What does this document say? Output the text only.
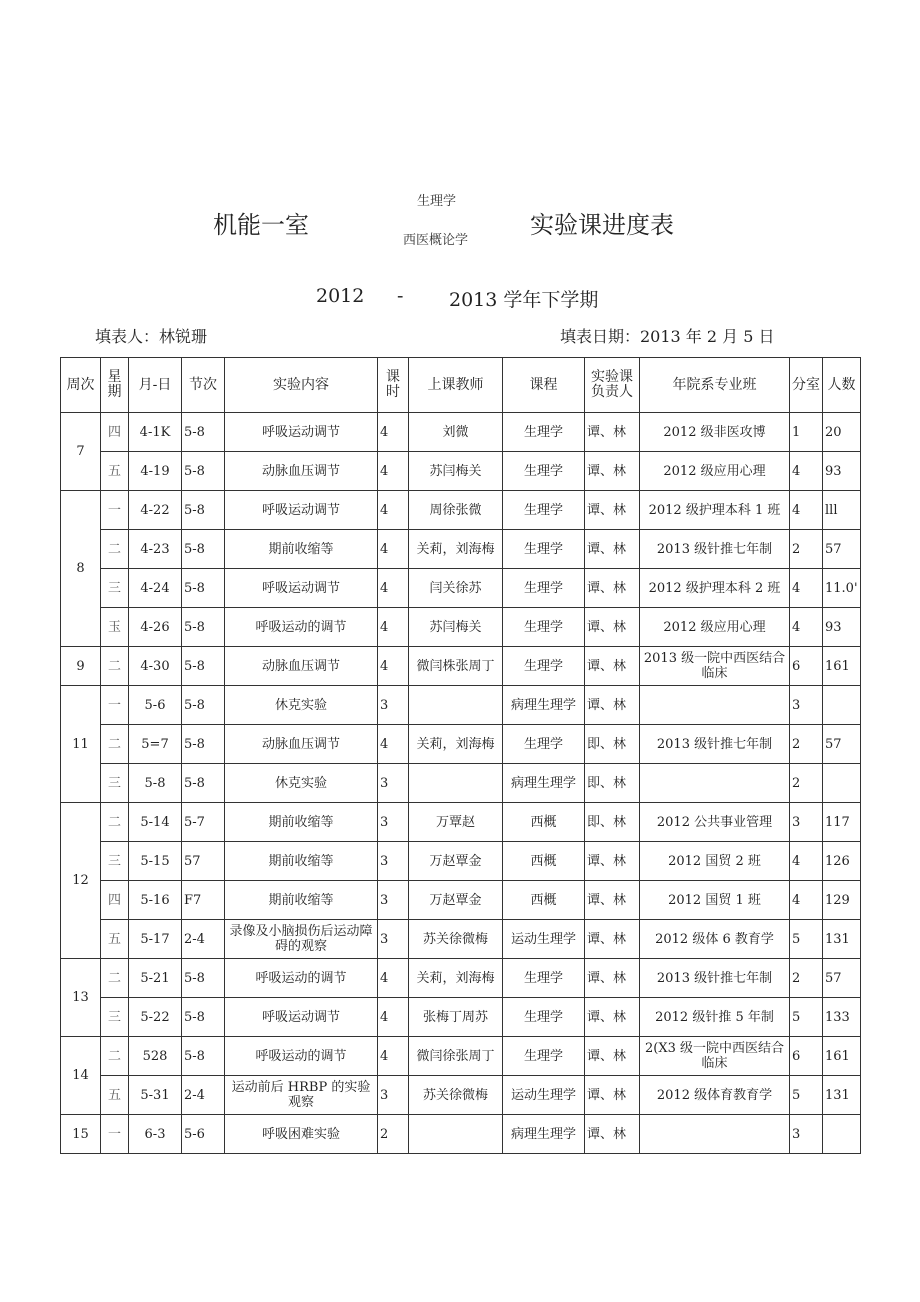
机能一室
生理学
西医概论学
实验课进度表
2012 - 2013 学年下学期
填表人：林锐珊	填表日期：2013 年 2 月 5 日
周次	星期	月-日	节次	实验内容	课时	上课教师	课程	实验课负责人	年院系专业班	分室	人数
7	四	4-1K	5-8	呼吸运动调节	4	刘微	生理学	谭、林	2012 级非医攻博	1	20
	五	4-19	5-8	动脉血压调节	4	苏闫梅关	生理学	谭、林	2012 级应用心理	4	93
8	一	4-22	5-8	呼吸运动调节	4	周徐张微	生理学	谭、林	2012 级护理本科 1 班	4	lll
	二	4-23	5-8	期前收缩等	4	关莉，刘海梅	生理学	谭、林	2013 级针推七年制	2	57
	三	4-24	5-8	呼吸运动调节	4	闫关徐苏	生理学	谭、林	2012 级护理本科 2 班	4	11.0'
	玉	4-26	5-8	呼吸运动的调节	4	苏闫梅关	生理学	谭、林	2012 级应用心理	4	93
9	二	4-30	5-8	动脉血压调节	4	微闫株张周丁	生理学	谭、林	2013 级一院中西医结合临床	6	161
11	一	5-6	5-8	休克实验	3		病理生理学	谭、林		3	
	二	5=7	5-8	动脉血压调节	4	关莉，刘海梅	生理学	即、林	2013 级针推七年制	2	57
	三	5-8	5-8	休克实验	3		病理生理学	即、林		2	
12	二	5-14	5-7	期前收缩等	3	万覃赵	西概	即、林	2012 公共事业管理	3	117
	三	5-15	57	期前收缩等	3	万赵覃金	西概	谭、林	2012 国贸 2 班	4	126
	四	5-16	F7	期前收缩等	3	万赵覃金	西概	谭、林	2012 国贸 1 班	4	129
	五	5-17	2-4	录像及小脑损伤后运动障碍的观察	3	苏关徐微梅	运动生理学	谭、林	2012 级体 6 教育学	5	131
13	二	5-21	5-8	呼吸运动的调节	4	关莉，刘海梅	生理学	谭、林	2013 级针推七年制	2	57
	三	5-22	5-8	呼吸运动调节	4	张梅丁周苏	生理学	谭、林	2012 级针推 5 年制	5	133
14	二	528	5-8	呼吸运动的调节	4	微闫徐张周丁	生理学	谭、林	2(X3 级一院中西医结合临床	6	161
	五	5-31	2-4	运动前后 HRBP 的实验观察	3	苏关徐微梅	运动生理学	谭、林	2012 级体育教育学	5	131
15	一	6-3	5-6	呼吸困难实验	2		病理生理学	谭、林		3	
